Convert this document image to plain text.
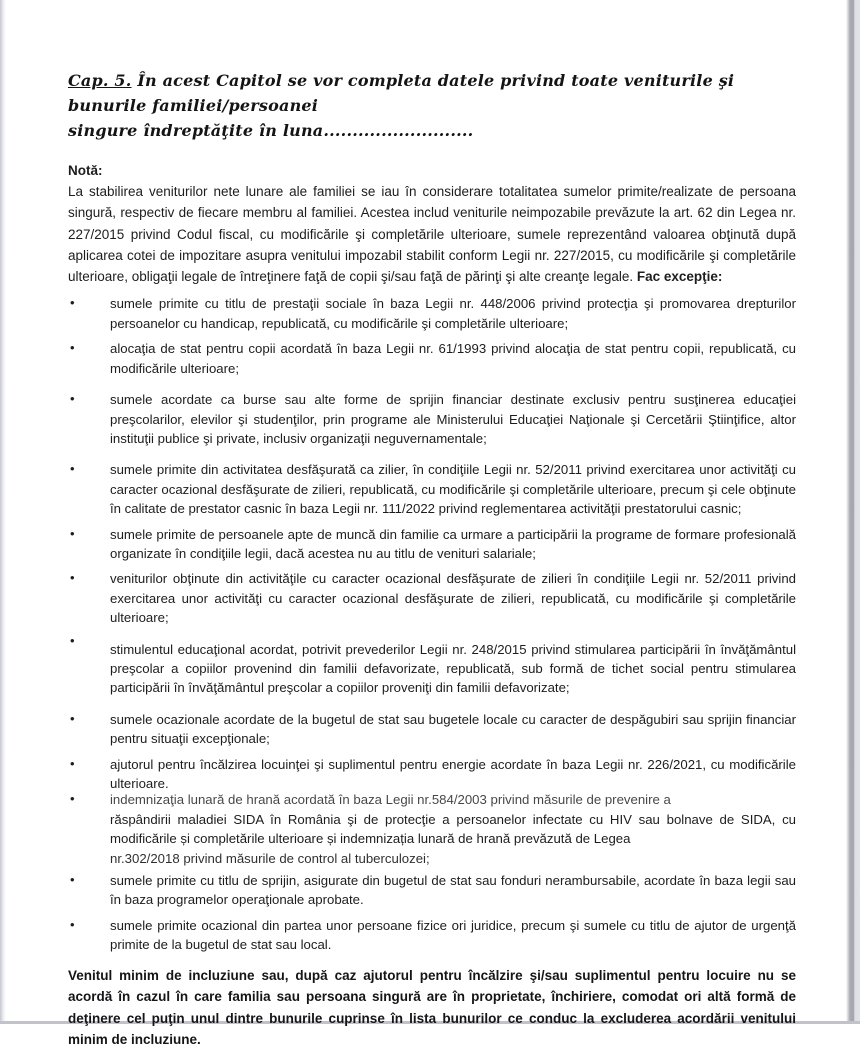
Cap. 5. În acest Capitol se vor completa datele privind toate veniturile şi bunurile familiei/persoanei
singure îndreptăţite în luna..........................
Notă:
La stabilirea veniturilor nete lunare ale familiei se iau în considerare totalitatea sumelor primite/realizate de persoana singură, respectiv de fiecare membru al familiei. Acestea includ veniturile neimpozabile prevăzute la art. 62 din Legea nr. 227/2015 privind Codul fiscal, cu modificările şi completările ulterioare, sumele reprezentând valoarea obţinută după aplicarea cotei de impozitare asupra venitului impozabil stabilit conform Legii nr. 227/2015, cu modificările şi completările ulterioare, obligaţii legale de întreţinere faţă de copii şi/sau faţă de părinţi şi alte creanţe legale. Fac excepţie:
•	sumele primite cu titlu de prestaţii sociale în baza Legii nr. 448/2006 privind protecţia şi promovarea drepturilor persoanelor cu handicap, republicată, cu modificările şi completările ulterioare;
•	alocaţia de stat pentru copii acordată în baza Legii nr. 61/1993 privind alocaţia de stat pentru copii, republicată, cu modificările ulterioare;
•	sumele acordate ca burse sau alte forme de sprijin financiar destinate exclusiv pentru susţinerea educaţiei preşcolarilor, elevilor şi studenţilor, prin programe ale Ministerului Educaţiei Naţionale şi Cercetării Ştiinţifice, altor instituţii publice şi private, inclusiv organizaţii neguvernamentale;
•	sumele primite din activitatea desfăşurată ca zilier, în condiţiile Legii nr. 52/2011 privind exercitarea unor activităţi cu caracter ocazional desfăşurate de zilieri, republicată, cu modificările şi completările ulterioare, precum şi cele obţinute în calitate de prestator casnic în baza Legii nr. 111/2022 privind reglementarea activităţii prestatorului casnic;
•	sumele primite de persoanele apte de muncă din familie ca urmare a participării la programe de formare profesională organizate în condiţiile legii, dacă acestea nu au titlu de venituri salariale;
•	veniturilor obţinute din activităţile cu caracter ocazional desfăşurate de zilieri în condiţiile Legii nr. 52/2011 privind exercitarea unor activităţi cu caracter ocazional desfăşurate de zilieri, republicată, cu modificările şi completările ulterioare;
•
stimulentul educaţional acordat, potrivit prevederilor Legii nr. 248/2015 privind stimularea participării în învăţământul preşcolar a copiilor provenind din familii defavorizate, republicată, sub formă de tichet social pentru stimularea participării în învăţământul preşcolar a copiilor proveniţi din familii defavorizate;
•	sumele ocazionale acordate de la bugetul de stat sau bugetele locale cu caracter de despăgubiri sau sprijin financiar pentru situaţii excepţionale;
•	ajutorul pentru încălzirea locuinţei şi suplimentul pentru energie acordate în baza Legii nr. 226/2021, cu modificările ulterioare.
•	indemnizaţia lunară de hrană acordată în baza Legii nr.584/2003 privind măsurile de prevenire a
răspândirii maladiei SIDA în România şi de protecţie a persoanelor infectate cu HIV sau bolnave de SIDA, cu modificările și completările ulterioare și indemnizația lunară de hrană prevăzută de Legea
nr.302/2018 privind măsurile de control al tuberculozei;
•	sumele primite cu titlu de sprijin, asigurate din bugetul de stat sau fonduri nerambursabile, acordate în baza legii sau în baza programelor operaţionale aprobate.
•	sumele primite ocazional din partea unor persoane fizice ori juridice, precum şi sumele cu titlu de ajutor de urgenţă primite de la bugetul de stat sau local.
Venitul minim de incluziune sau, după caz ajutorul pentru încălzire şi/sau suplimentul pentru locuire nu se acordă în cazul în care familia sau persoana singură are în proprietate, închiriere, comodat ori altă formă de deţinere cel puţin unul dintre bunurile cuprinse în lista bunurilor ce conduc la excluderea acordării venitului minim de incluziune.
